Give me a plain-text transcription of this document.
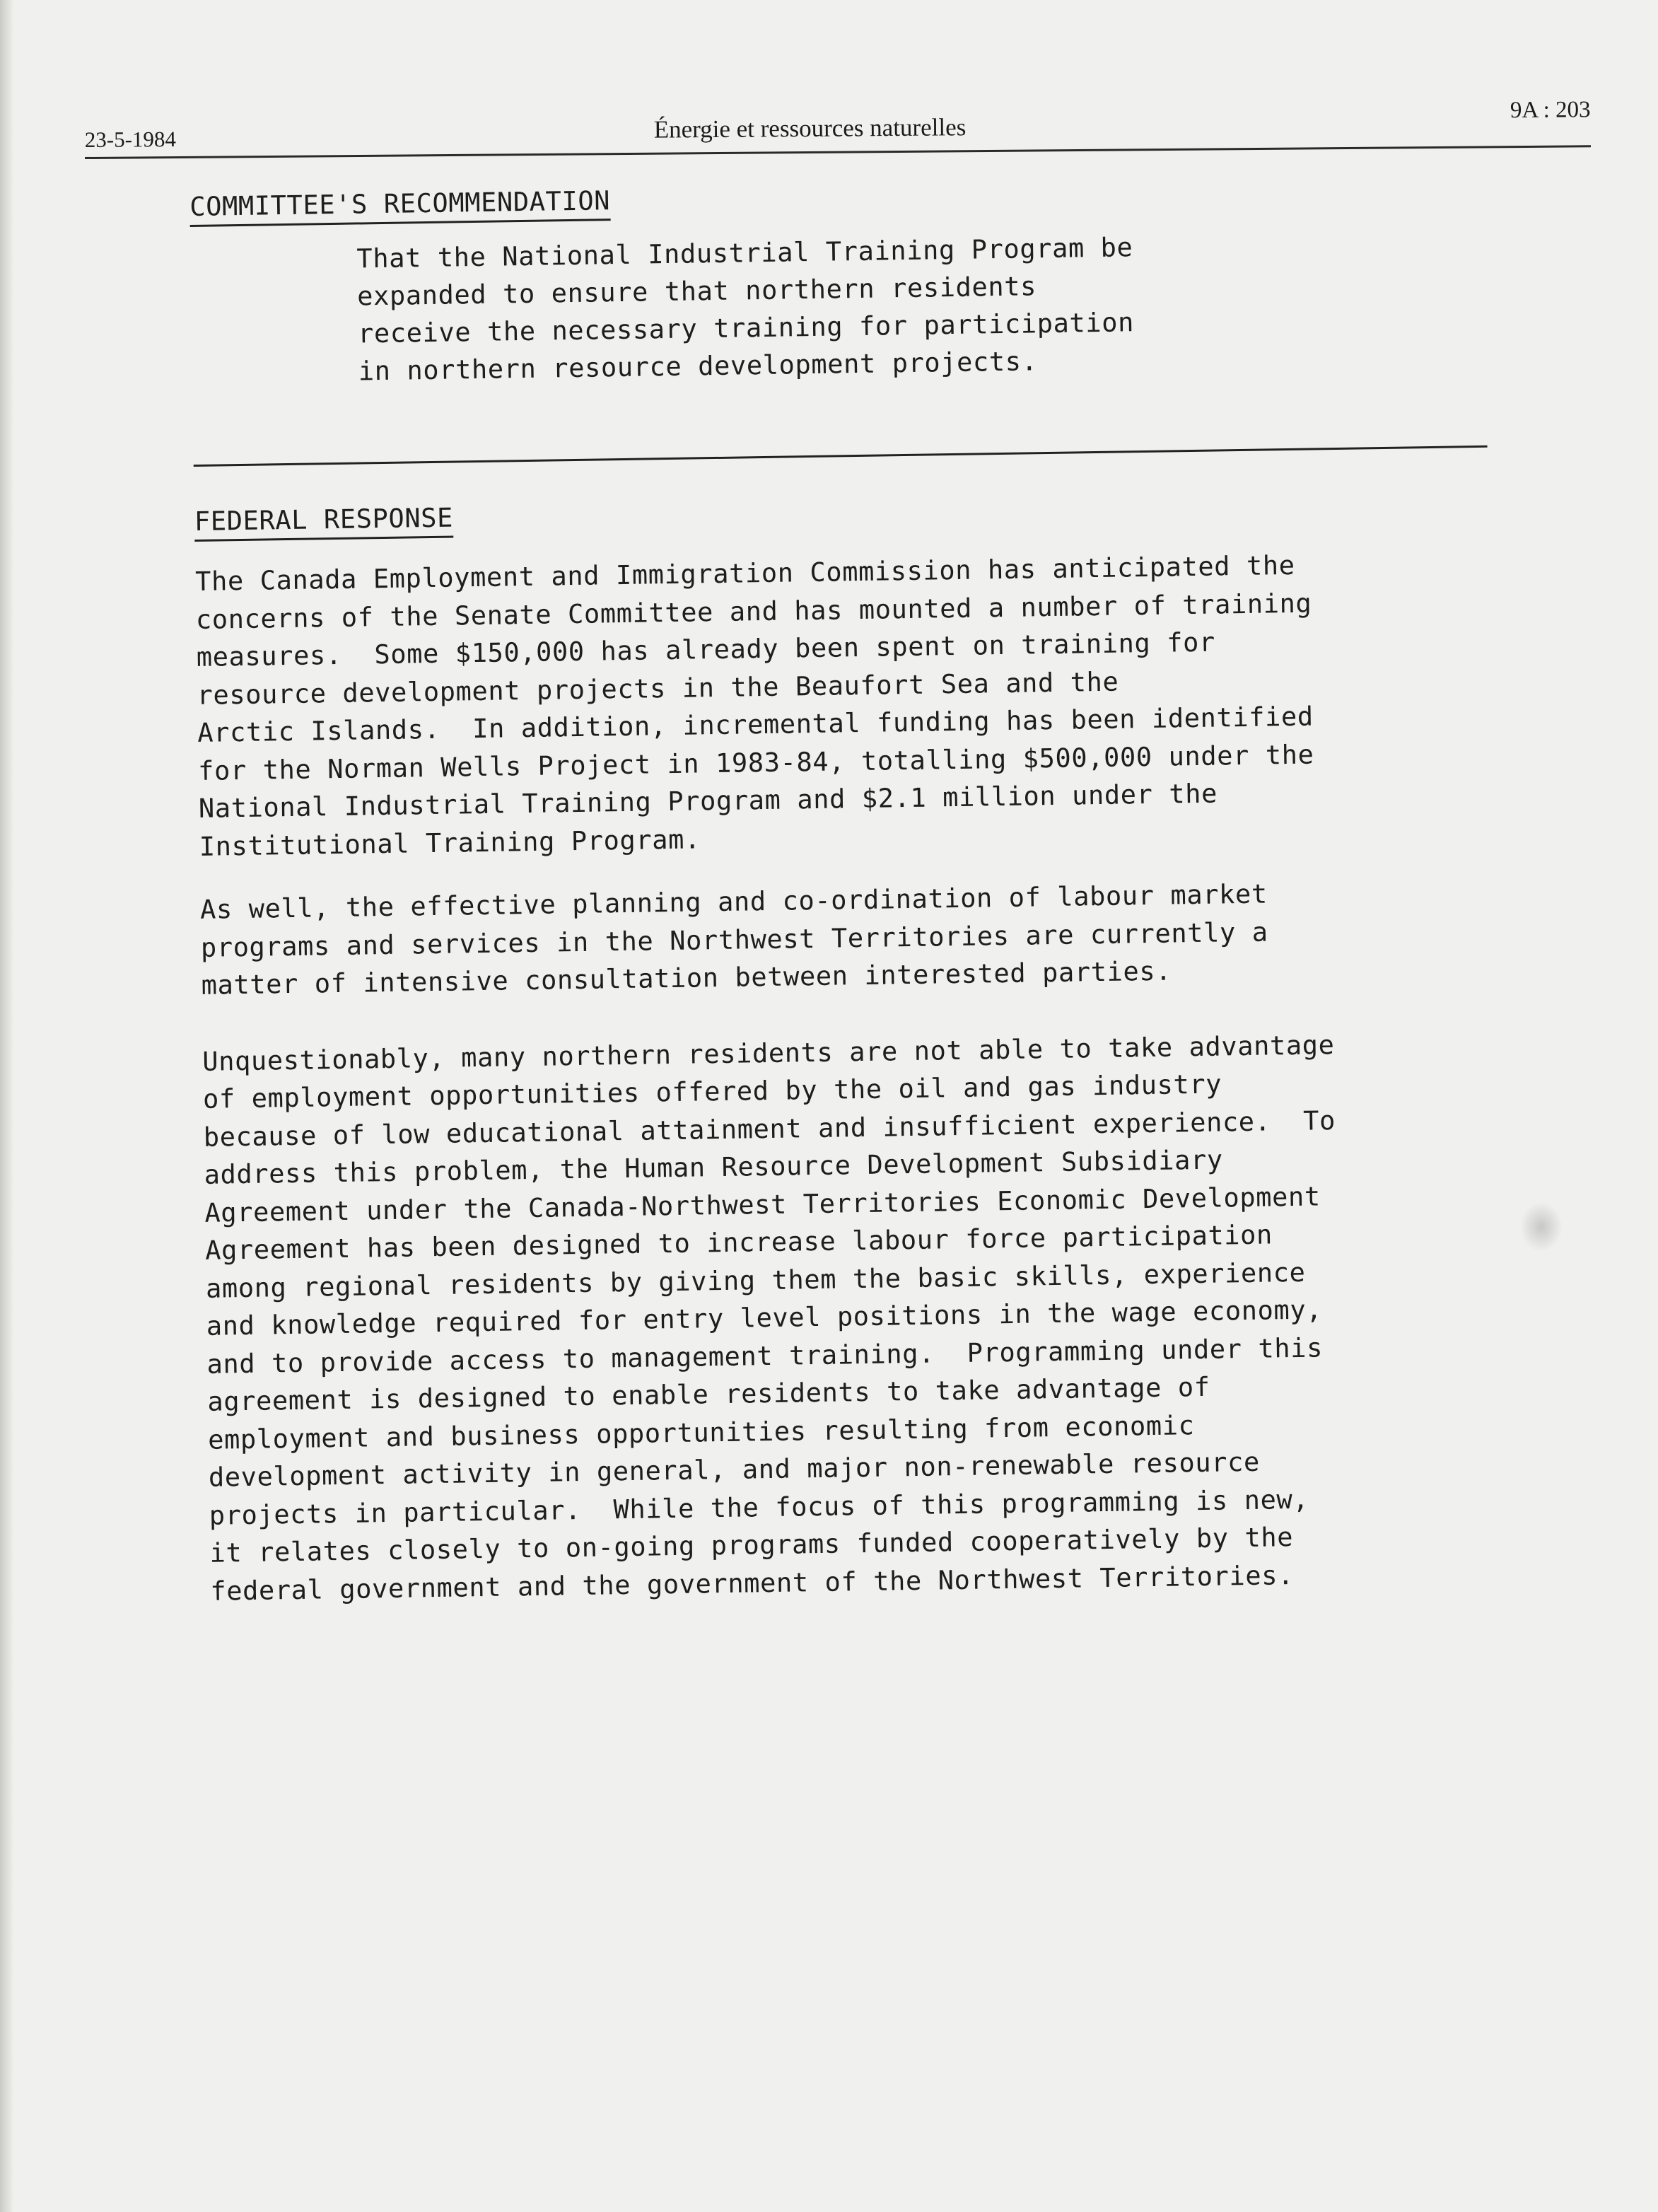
23-5-1984	Énergie et ressources naturelles
9A : 203
COMMITTEE'S RECOMMENDATION
That the National Industrial Training Program be
expanded to ensure that northern residents
receive the necessary training for participation
in northern resource development projects.
FEDERAL RESPONSE
The Canada Employment and Immigration Commission has anticipated the
concerns of the Senate Committee and has mounted a number of training
measures.  Some $150,000 has already been spent on training for
resource development projects in the Beaufort Sea and the
Arctic Islands.  In addition, incremental funding has been identified
for the Norman Wells Project in 1983-84, totalling $500,000 under the
National Industrial Training Program and $2.1 million under the
Institutional Training Program.
As well, the effective planning and co-ordination of labour market
programs and services in the Northwest Territories are currently a
matter of intensive consultation between interested parties.
Unquestionably, many northern residents are not able to take advantage
of employment opportunities offered by the oil and gas industry
because of low educational attainment and insufficient experience.  To
address this problem, the Human Resource Development Subsidiary
Agreement under the Canada-Northwest Territories Economic Development
Agreement has been designed to increase labour force participation
among regional residents by giving them the basic skills, experience
and knowledge required for entry level positions in the wage economy,
and to provide access to management training.  Programming under this
agreement is designed to enable residents to take advantage of
employment and business opportunities resulting from economic
development activity in general, and major non-renewable resource
projects in particular.  While the focus of this programming is new,
it relates closely to on-going programs funded cooperatively by the
federal government and the government of the Northwest Territories.
